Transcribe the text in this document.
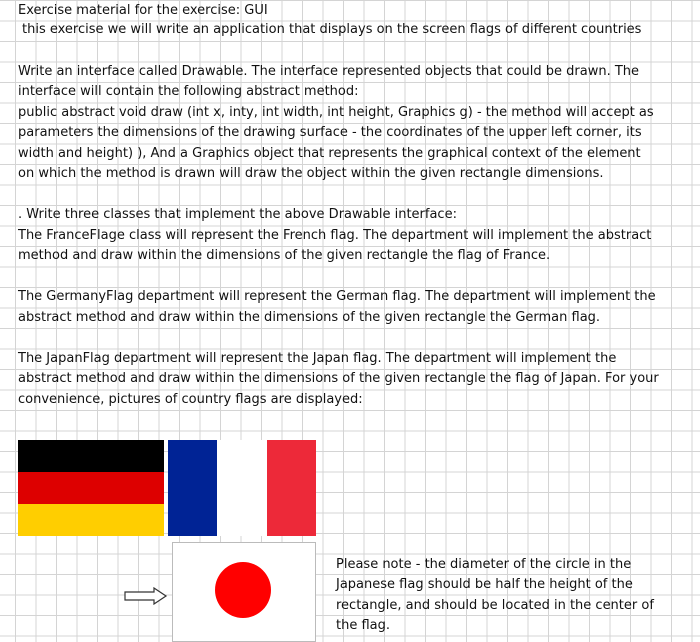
Exercise material for the exercise: GUI
this exercise we will write an application that displays on the screen flags of different countries
Write an interface called Drawable. The interface represented objects that could be drawn. The
interface will contain the following abstract method:
public abstract void draw (int x, inty, int width, int height, Graphics g) - the method will accept as
parameters the dimensions of the drawing surface - the coordinates of the upper left corner, its
width and height) ), And a Graphics object that represents the graphical context of the element
on which the method is drawn will draw the object within the given rectangle dimensions.
. Write three classes that implement the above Drawable interface:
The FranceFlage class will represent the French flag. The department will implement the abstract
method and draw within the dimensions of the given rectangle the flag of France.
The GermanyFlag department will represent the German flag. The department will implement the
abstract method and draw within the dimensions of the given rectangle the German flag.
The JapanFlag department will represent the Japan flag. The department will implement the
abstract method and draw within the dimensions of the given rectangle the flag of Japan. For your
convenience, pictures of country flags are displayed:
Please note - the diameter of the circle in the
Japanese flag should be half the height of the
rectangle, and should be located in the center of
the flag.
